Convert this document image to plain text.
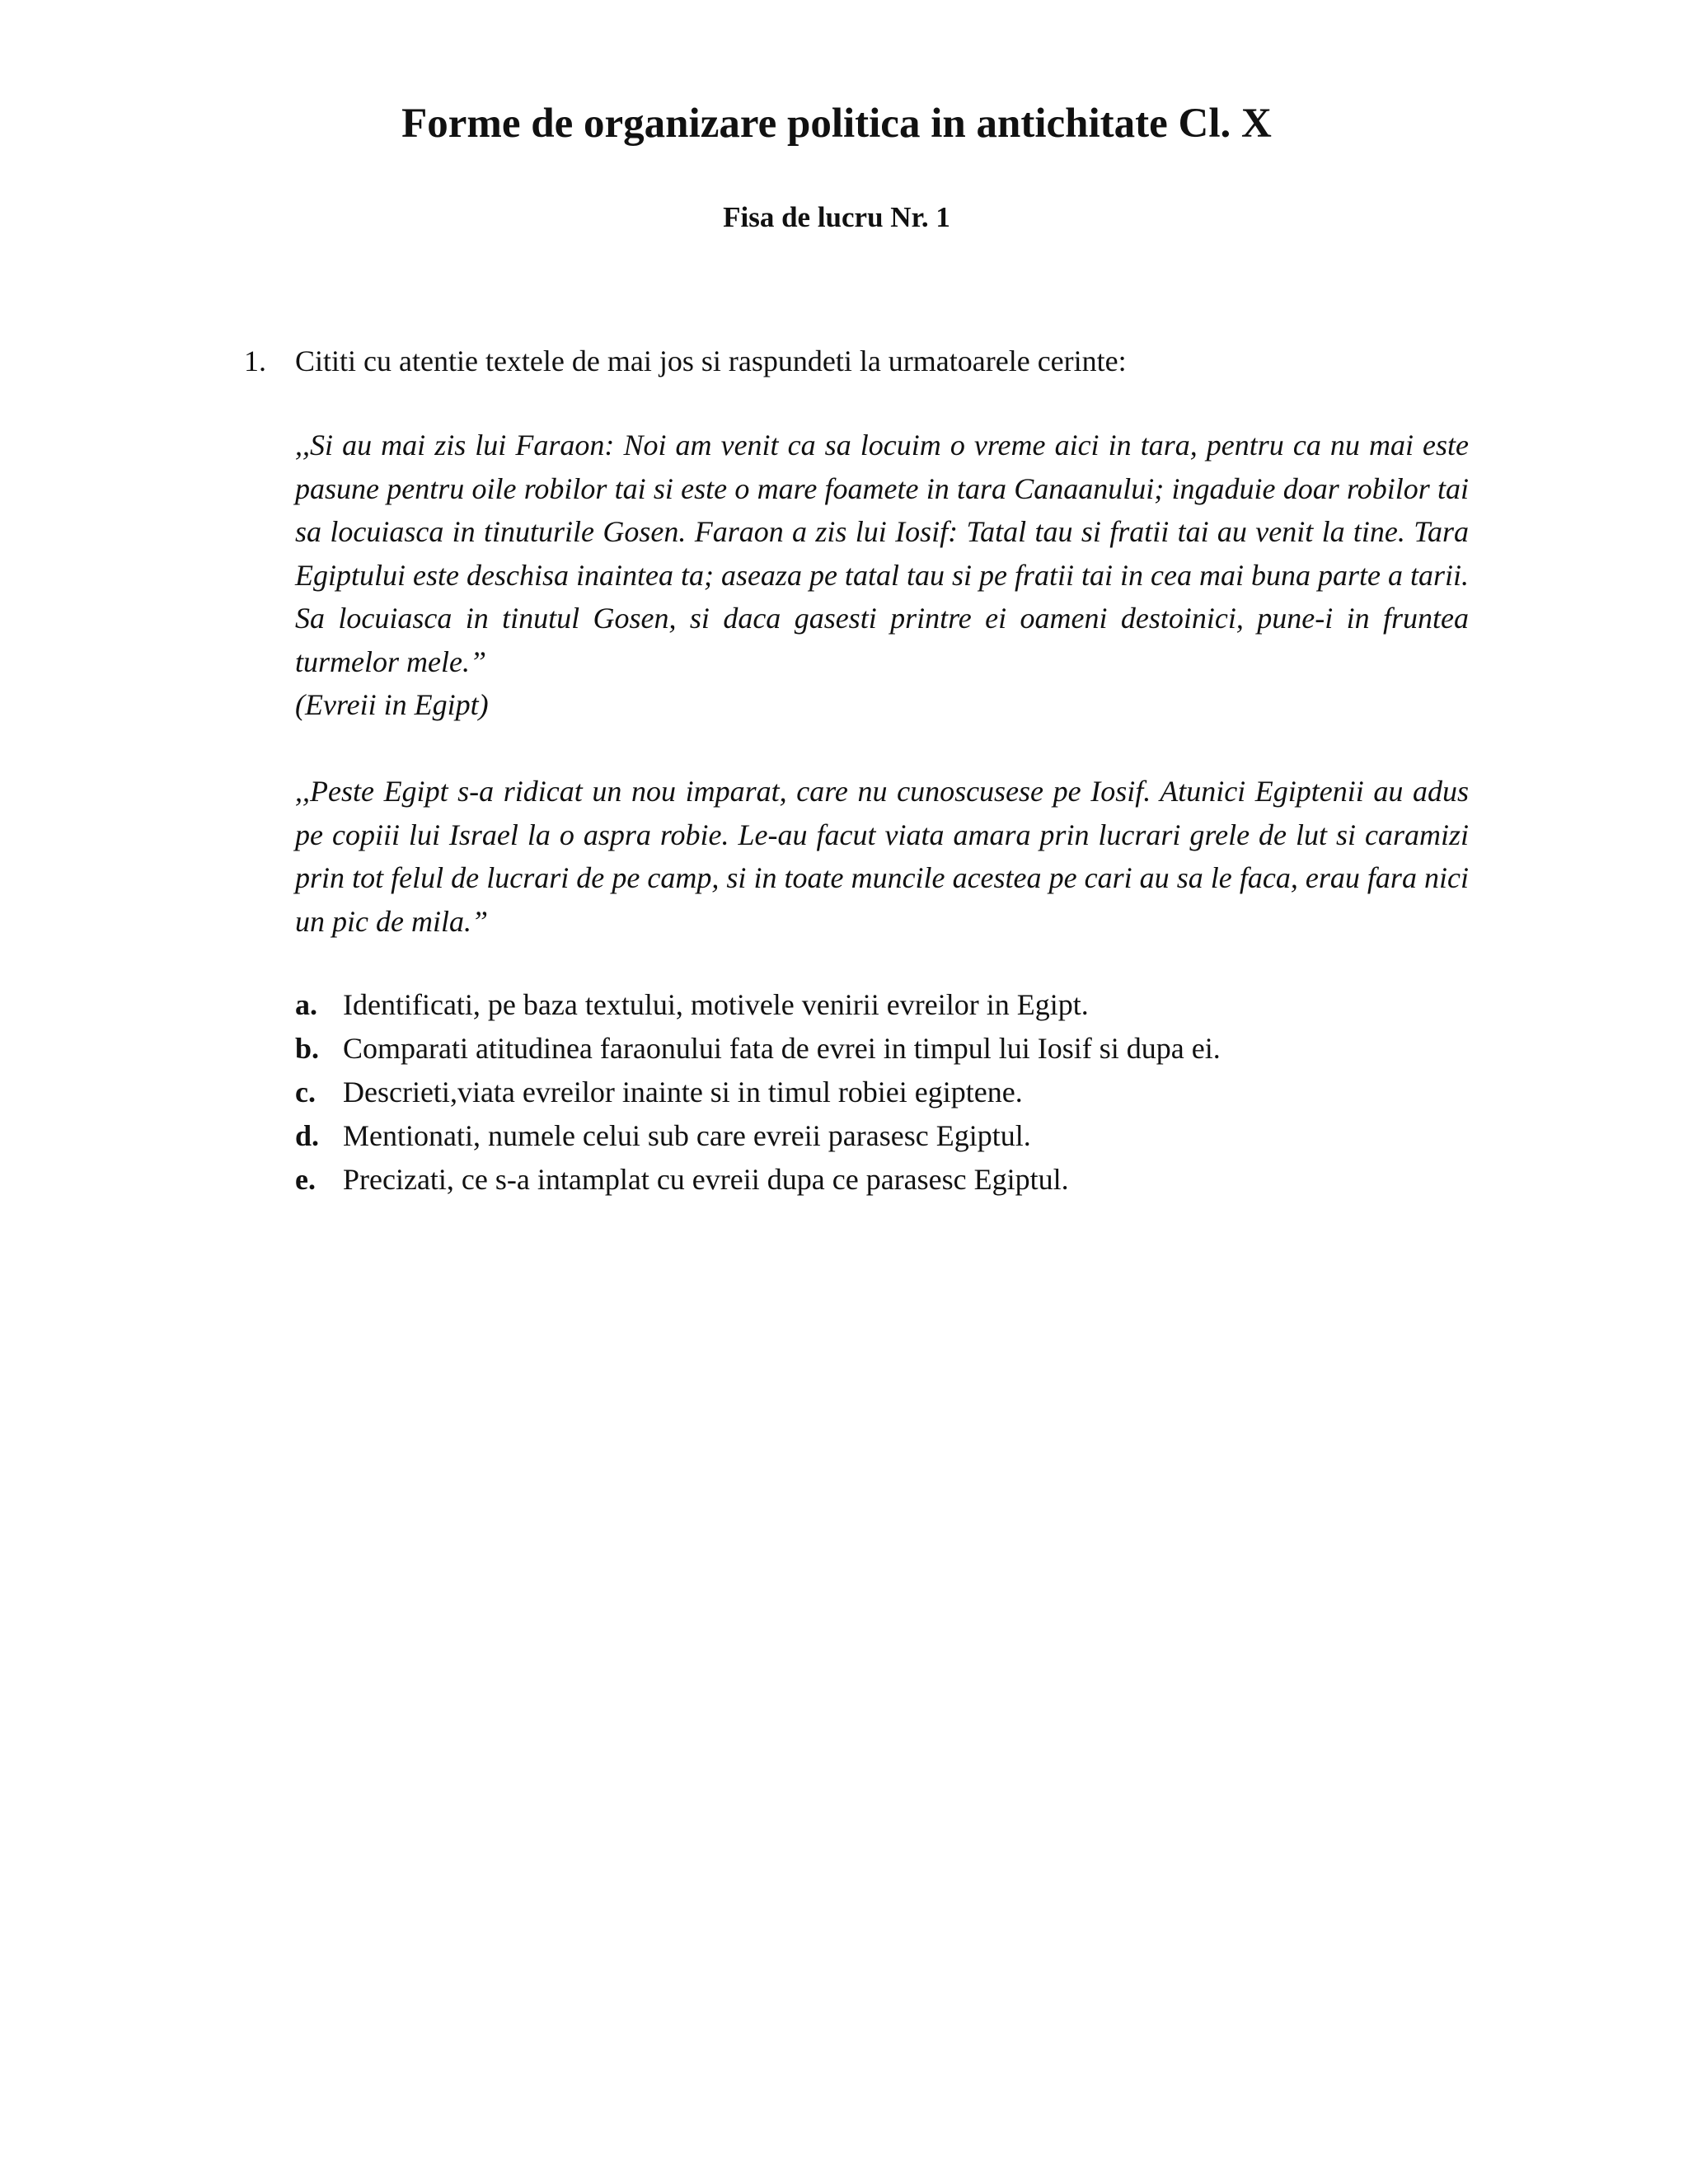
Forme de organizare politica in antichitate Cl. X
Fisa de lucru Nr. 1
1. Cititi cu atentie textele de mai jos si raspundeti la urmatoarele cerinte:

,,Si au mai zis lui Faraon: Noi am venit ca sa locuim o vreme aici in tara, pentru ca nu mai este pasune pentru oile robilor tai si este o mare foamete in tara Canaanului; ingaduie doar robilor tai sa locuiasca in tinuturile Gosen. Faraon a zis lui Iosif: Tatal tau si fratii tai au venit la tine. Tara Egiptului este deschisa inaintea ta; aseaza pe tatal tau si pe fratii tai in cea mai buna parte a tarii. Sa locuiasca in tinutul Gosen, si daca gasesti printre ei oameni destoinici, pune-i in fruntea turmelor mele.”

(Evreii in Egipt)

,,Peste Egipt s-a ridicat un nou imparat, care nu cunoscusese pe Iosif. Atunici Egiptenii au adus pe copiii lui Israel la o aspra robie. Le-au facut viata amara prin lucrari grele de lut si caramizi prin tot felul de lucrari de pe camp, si in toate muncile acestea pe cari au sa le faca, erau fara nici un pic de mila.”

a. Identificati, pe baza textului, motivele venirii evreilor in Egipt.
b. Comparati atitudinea faraonului fata de evrei in timpul lui Iosif si dupa ei.
c. Descrieti,viata evreilor inainte si in timul robiei egiptene.
d. Mentionati, numele celui sub care evreii parasesc Egiptul.
e. Precizati, ce s-a intamplat cu evreii dupa ce parasesc Egiptul.
